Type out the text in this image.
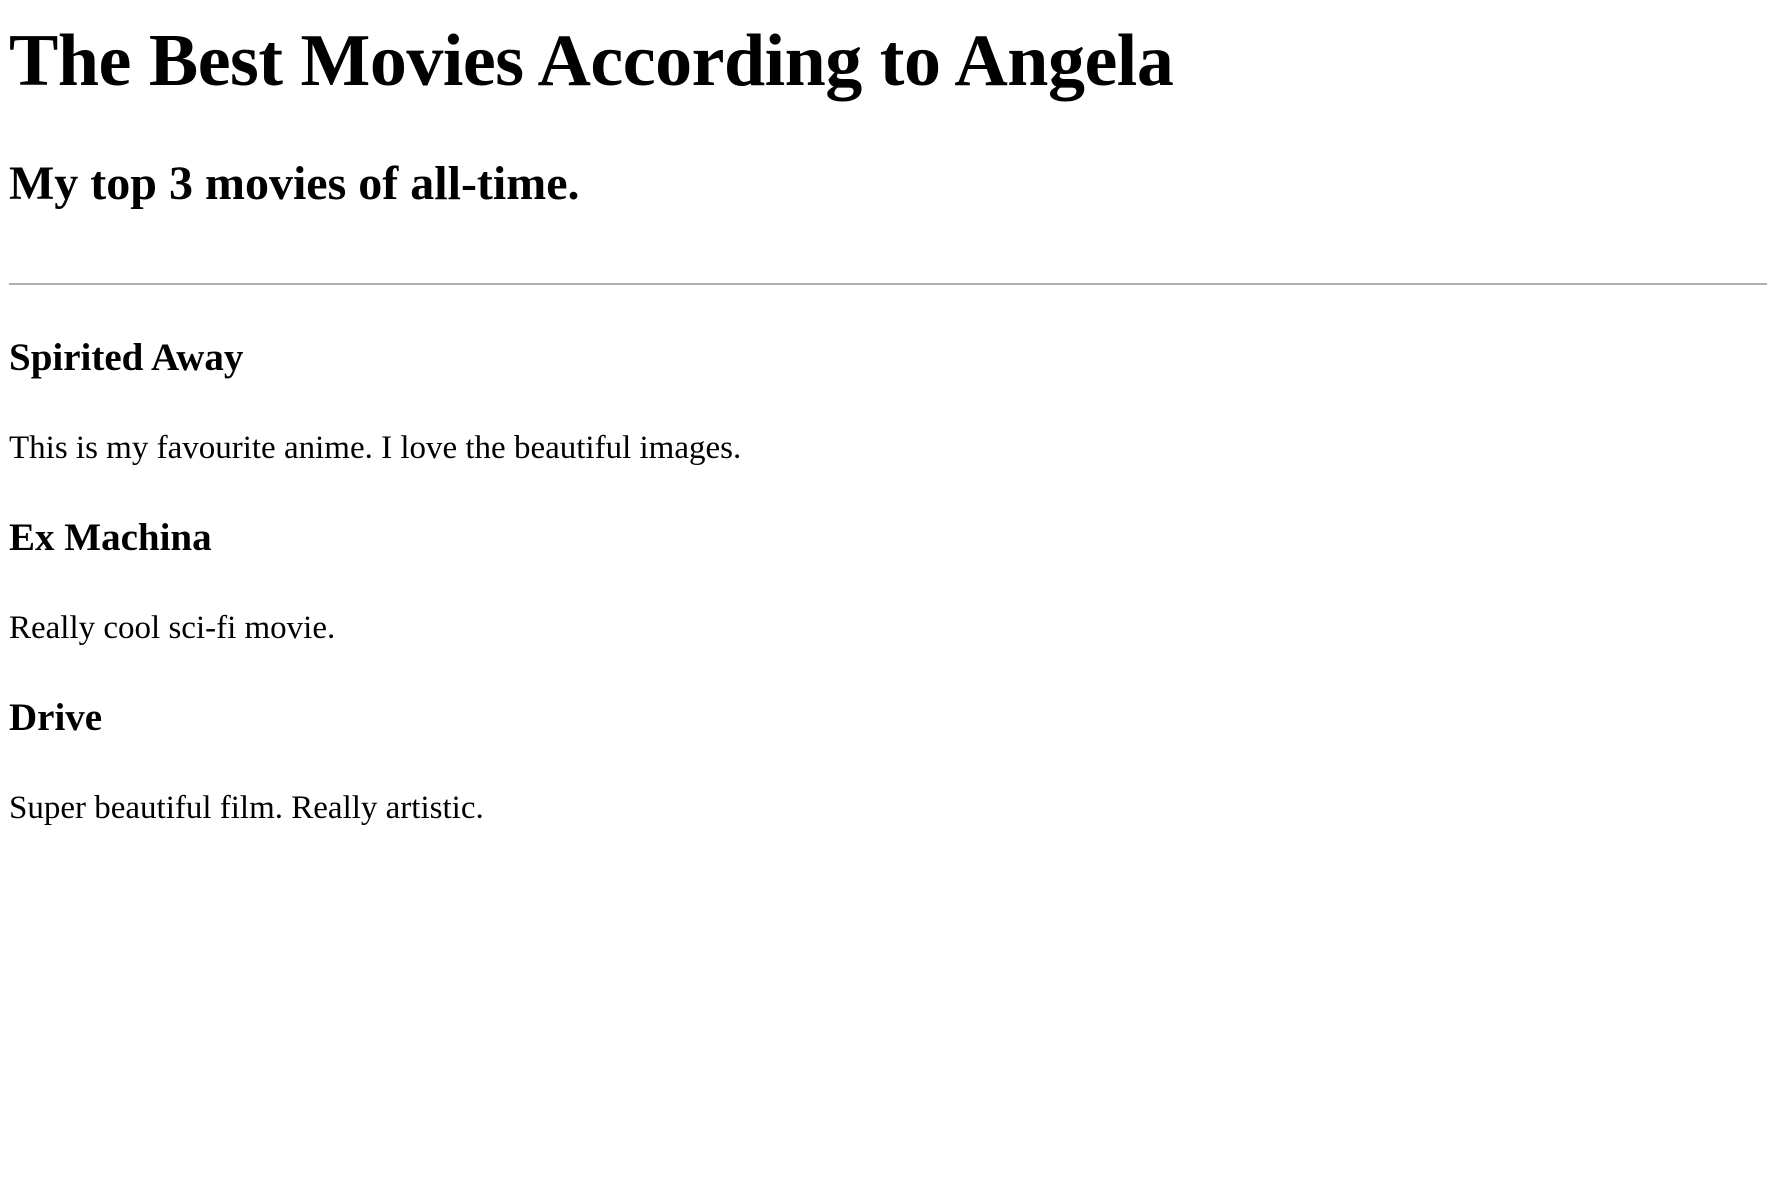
The Best Movies According to Angela
My top 3 movies of all-time.
Spirited Away

This is my favourite anime. I love the beautiful images.

Ex Machina

Really cool sci-fi movie.

Drive

Super beautiful film. Really artistic.
